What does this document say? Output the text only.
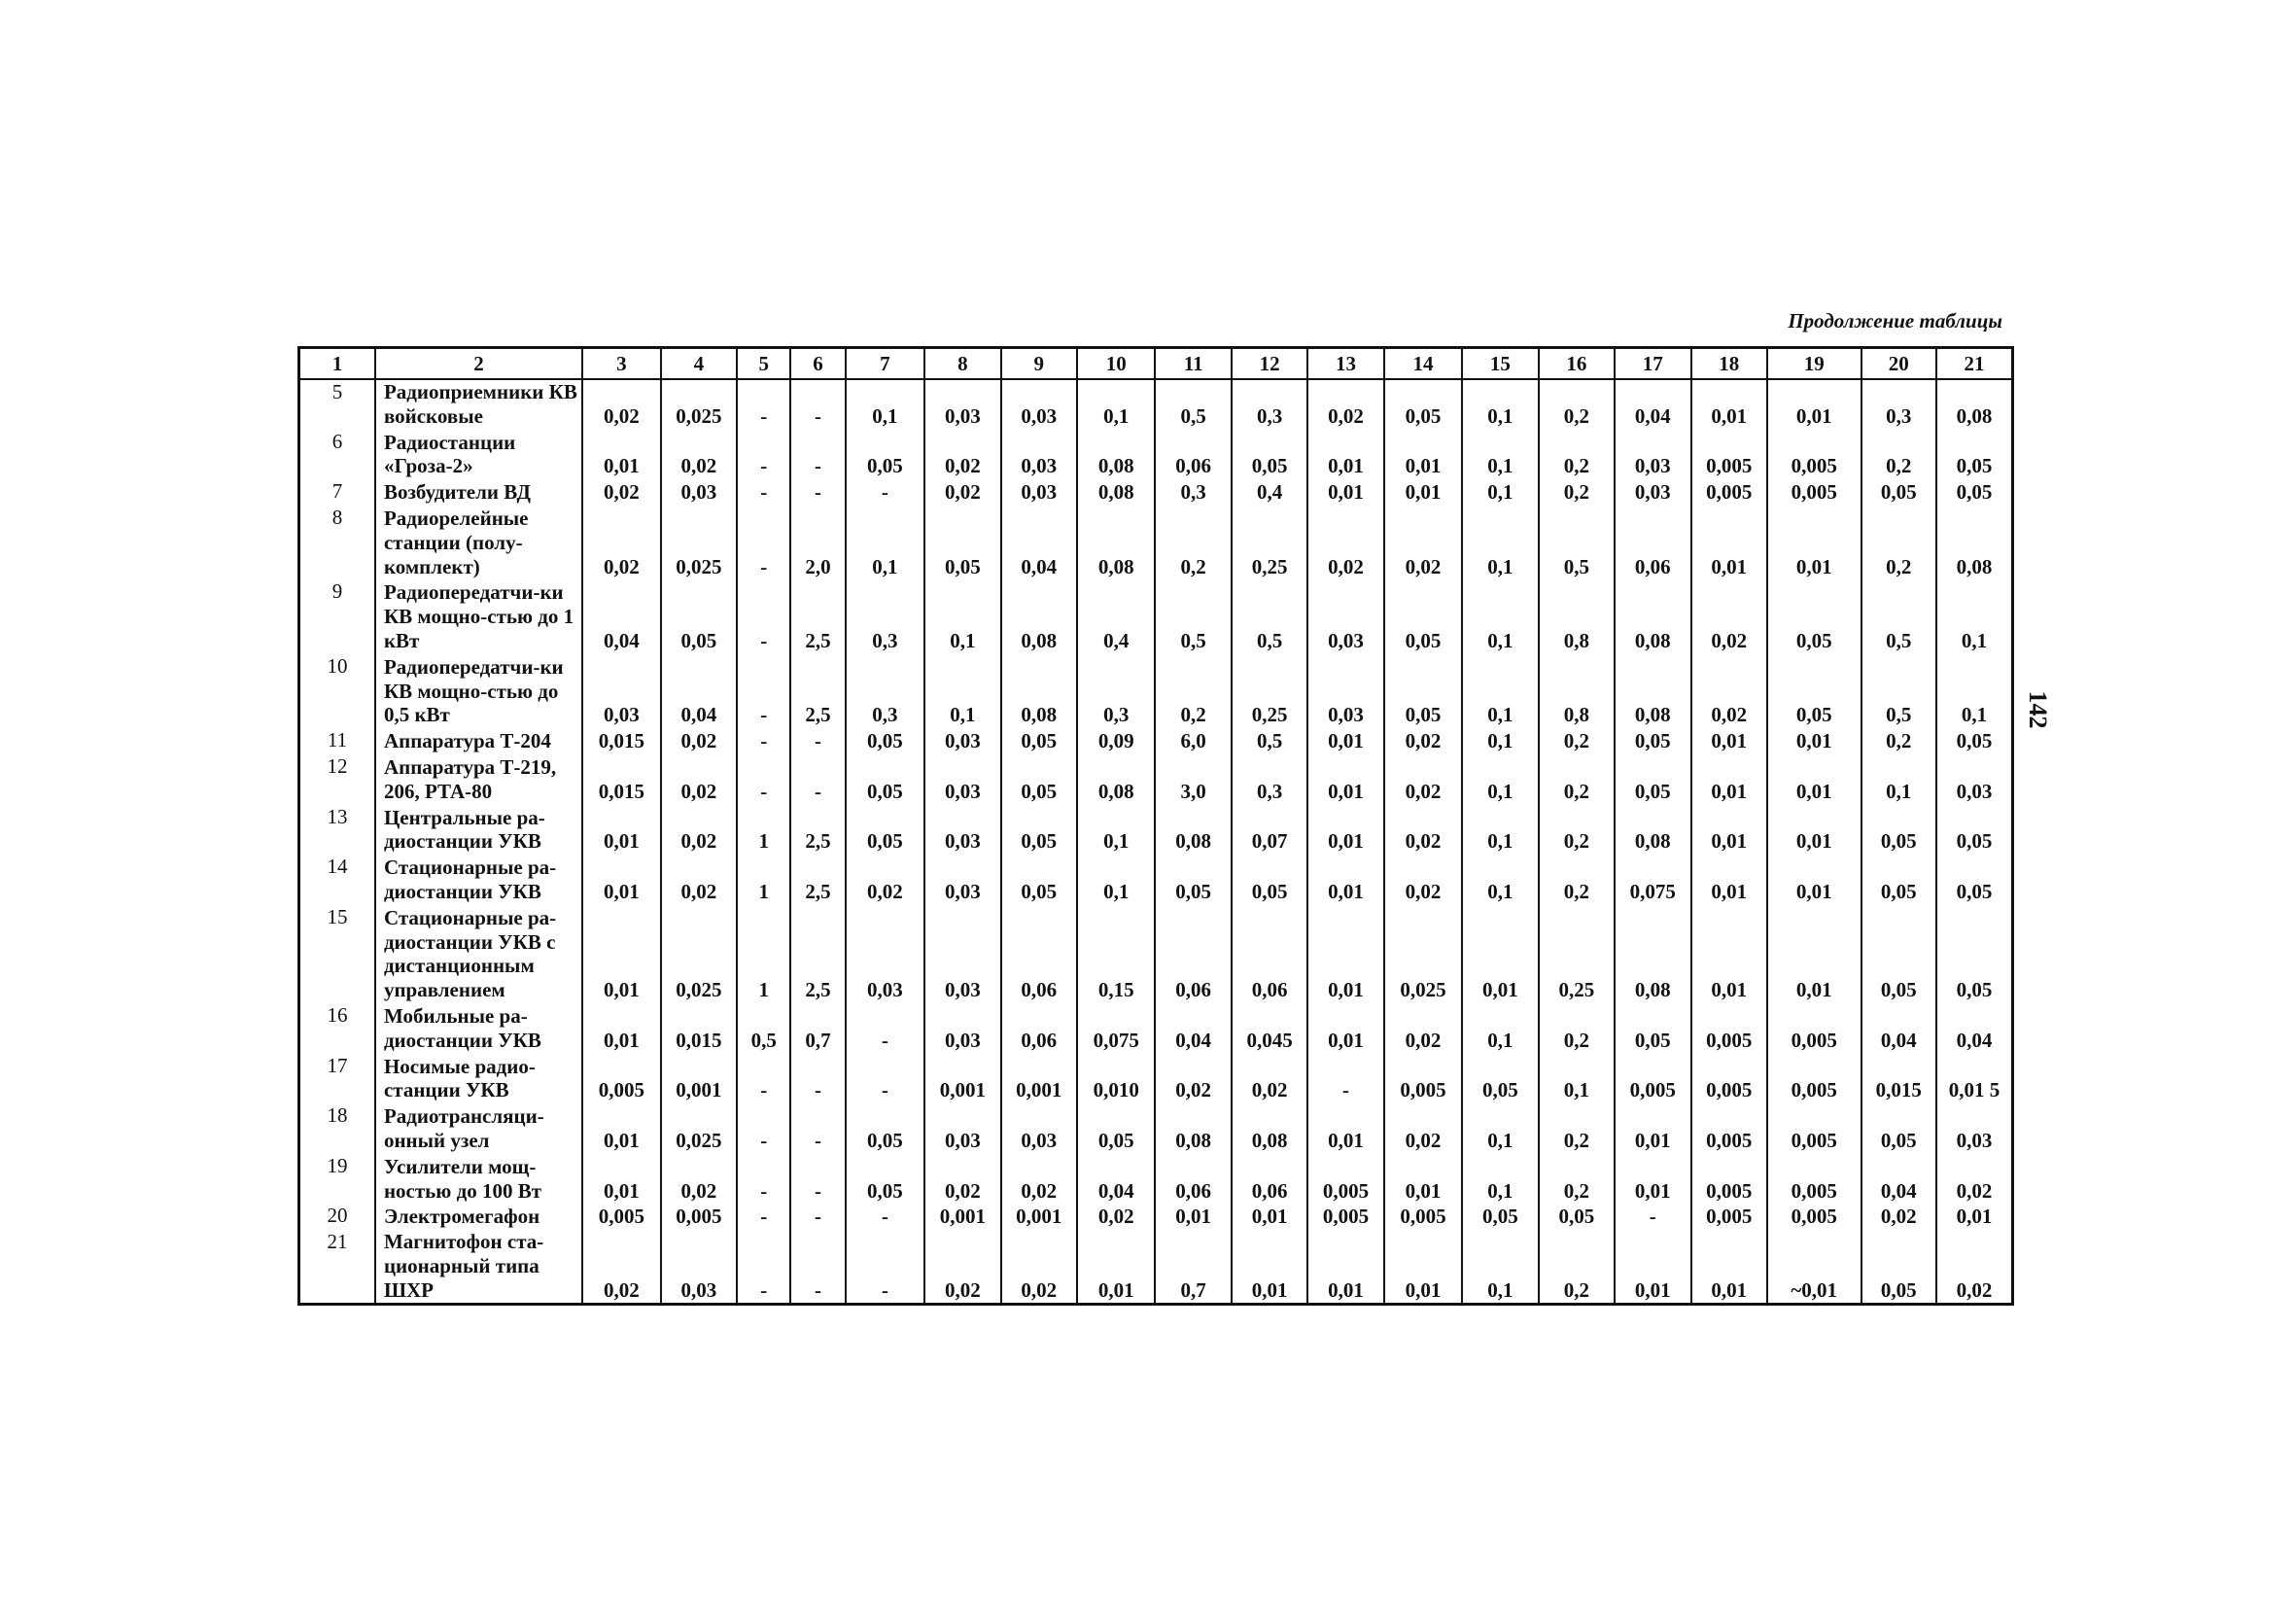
Продолжение таблицы
1	2	3	4	5	6	7	8	9	10	11	12	13	14	15	16	17	18	19	20	21
5	Радиоприемники КВ войсковые	0,02	0,025	-	-	0,1	0,03	0,03	0,1	0,5	0,3	0,02	0,05	0,1	0,2	0,04	0,01	0,01	0,3	0,08
6	Радиостанции «Гроза-2»	0,01	0,02	-	-	0,05	0,02	0,03	0,08	0,06	0,05	0,01	0,01	0,1	0,2	0,03	0,005	0,005	0,2	0,05
7	Возбудители ВД	0,02	0,03	-	-	-	0,02	0,03	0,08	0,3	0,4	0,01	0,01	0,1	0,2	0,03	0,005	0,005	0,05	0,05
8	Радиорелейные станции (полу-комплект)	0,02	0,025	-	2,0	0,1	0,05	0,04	0,08	0,2	0,25	0,02	0,02	0,1	0,5	0,06	0,01	0,01	0,2	0,08
9	Радиопередатчи-ки КВ мощно-стью до 1 кВт	0,04	0,05	-	2,5	0,3	0,1	0,08	0,4	0,5	0,5	0,03	0,05	0,1	0,8	0,08	0,02	0,05	0,5	0,1
10	Радиопередатчи-ки КВ мощно-стью до 0,5 кВт	0,03	0,04	-	2,5	0,3	0,1	0,08	0,3	0,2	0,25	0,03	0,05	0,1	0,8	0,08	0,02	0,05	0,5	0,1
11	Аппаратура Т-204	0,015	0,02	-	-	0,05	0,03	0,05	0,09	6,0	0,5	0,01	0,02	0,1	0,2	0,05	0,01	0,01	0,2	0,05
12	Аппаратура Т-219, 206, РТА-80	0,015	0,02	-	-	0,05	0,03	0,05	0,08	3,0	0,3	0,01	0,02	0,1	0,2	0,05	0,01	0,01	0,1	0,03
13	Центральные ра-диостанции УКВ	0,01	0,02	1	2,5	0,05	0,03	0,05	0,1	0,08	0,07	0,01	0,02	0,1	0,2	0,08	0,01	0,01	0,05	0,05
14	Стационарные ра-диостанции УКВ	0,01	0,02	1	2,5	0,02	0,03	0,05	0,1	0,05	0,05	0,01	0,02	0,1	0,2	0,075	0,01	0,01	0,05	0,05
15	Стационарные ра-диостанции УКВ с дистанционным управлением	0,01	0,025	1	2,5	0,03	0,03	0,06	0,15	0,06	0,06	0,01	0,025	0,01	0,25	0,08	0,01	0,01	0,05	0,05
16	Мобильные ра-диостанции УКВ	0,01	0,015	0,5	0,7	-	0,03	0,06	0,075	0,04	0,045	0,01	0,02	0,1	0,2	0,05	0,005	0,005	0,04	0,04
17	Носимые радио-станции УКВ	0,005	0,001	-	-	-	0,001	0,001	0,010	0,02	0,02	-	0,005	0,05	0,1	0,005	0,005	0,005	0,015	0,01 5
18	Радиотрансляци-онный узел	0,01	0,025	-	-	0,05	0,03	0,03	0,05	0,08	0,08	0,01	0,02	0,1	0,2	0,01	0,005	0,005	0,05	0,03
19	Усилители мощ-ностью до 100 Вт	0,01	0,02	-	-	0,05	0,02	0,02	0,04	0,06	0,06	0,005	0,01	0,1	0,2	0,01	0,005	0,005	0,04	0,02
20	Электромегафон	0,005	0,005	-	-	-	0,001	0,001	0,02	0,01	0,01	0,005	0,005	0,05	0,05	-	0,005	0,005	0,02	0,01
21	Магнитофон ста-ционарный типа ШХР	0,02	0,03	-	-	-	0,02	0,02	0,01	0,7	0,01	0,01	0,01	0,1	0,2	0,01	0,01	~0,01	0,05	0,02
142
